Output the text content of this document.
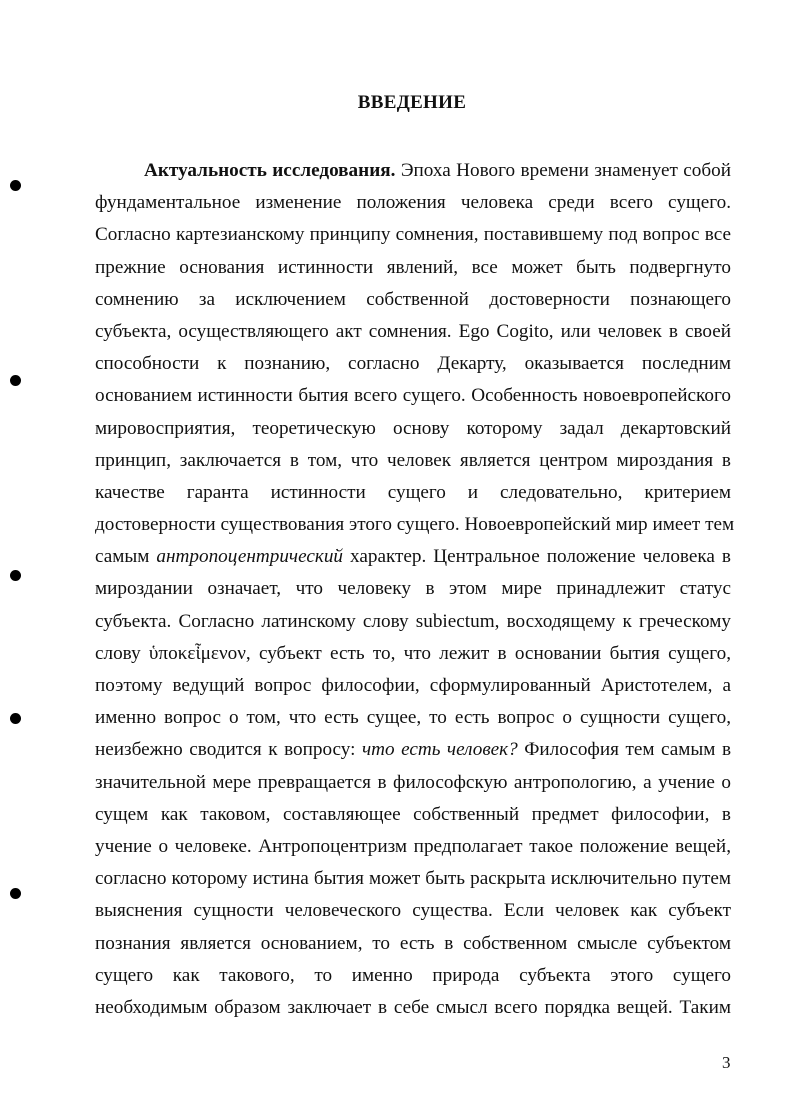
ВВЕДЕНИЕ
Актуальность исследования. Эпоха Нового времени знаменует собой
фундаментальное изменение положения человека среди всего сущего.
Согласно картезианскому принципу сомнения, поставившему под вопрос все
прежние основания истинности явлений, все может быть подвергнуто
сомнению за исключением собственной достоверности познающего
субъекта, осуществляющего акт сомнения. Ego Cogito, или человек в своей
способности к познанию, согласно Декарту, оказывается последним
основанием истинности бытия всего сущего. Особенность новоевропейского
мировосприятия, теоретическую основу которому задал декартовский
принцип, заключается в том, что человек является центром мироздания в
качестве гаранта истинности сущего и следовательно, критерием
достоверности существования этого сущего. Новоевропейский мир имеет тем
самым антропоцентрический характер. Центральное положение человека в
мироздании означает, что человеку в этом мире принадлежит статус
субъекта. Согласно латинскому слову subiectum, восходящему к греческому
слову ὑποκεἶμενον, субъект есть то, что лежит в основании бытия сущего,
поэтому ведущий вопрос философии, сформулированный Аристотелем, а
именно вопрос о том, что есть сущее, то есть вопрос о сущности сущего,
неизбежно сводится к вопросу: что есть человек? Философия тем самым в
значительной мере превращается в философскую антропологию, а учение о
сущем как таковом, составляющее собственный предмет философии, в
учение о человеке. Антропоцентризм предполагает такое положение вещей,
согласно которому истина бытия может быть раскрыта исключительно путем
выяснения сущности человеческого существа. Если человек как субъект
познания является основанием, то есть в собственном смысле субъектом
сущего как такового, то именно природа субъекта этого сущего
необходимым образом заключает в себе смысл всего порядка вещей. Таким
3
